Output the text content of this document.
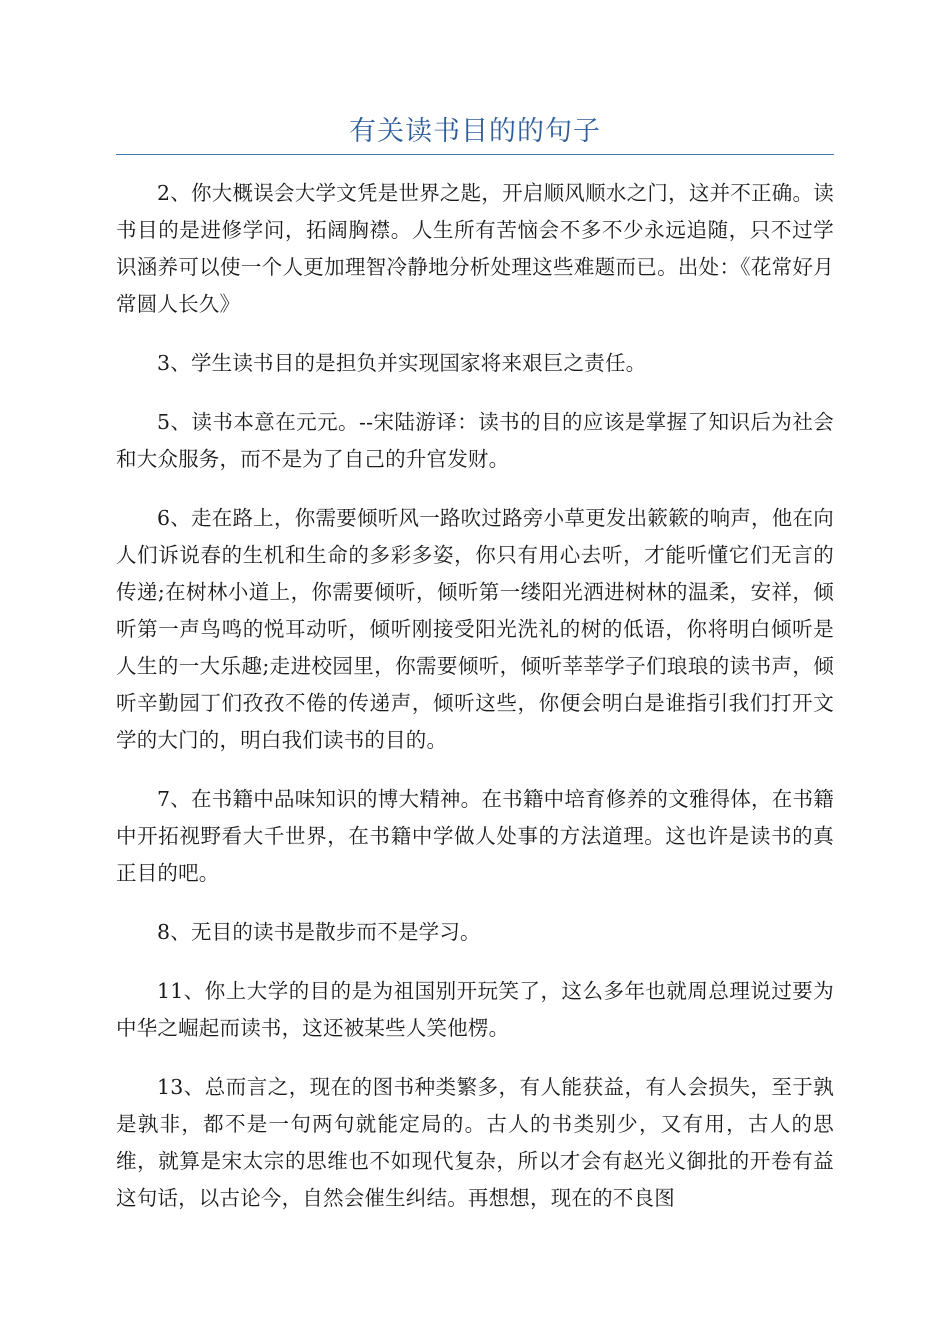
有关读书目的的句子

2、你大概误会大学文凭是世界之匙，开启顺风顺水之门，这并不正确。读书目的是进修学问，拓阔胸襟。人生所有苦恼会不多不少永远追随，只不过学识涵养可以使一个人更加理智冷静地分析处理这些难题而已。出处：《花常好月常圆人长久》

3、学生读书目的是担负并实现国家将来艰巨之责任。

5、读书本意在元元。--宋陆游译：读书的目的应该是掌握了知识后为社会和大众服务，而不是为了自己的升官发财。

6、走在路上，你需要倾听风一路吹过路旁小草更发出簌簌的响声，他在向人们诉说春的生机和生命的多彩多姿，你只有用心去听，才能听懂它们无言的传递;在树林小道上，你需要倾听，倾听第一缕阳光洒进树林的温柔，安祥，倾听第一声鸟鸣的悦耳动听，倾听刚接受阳光洗礼的树的低语，你将明白倾听是人生的一大乐趣;走进校园里，你需要倾听，倾听莘莘学子们琅琅的读书声，倾听辛勤园丁们孜孜不倦的传递声，倾听这些，你便会明白是谁指引我们打开文学的大门的，明白我们读书的目的。

7、在书籍中品味知识的博大精神。在书籍中培育修养的文雅得体，在书籍中开拓视野看大千世界，在书籍中学做人处事的方法道理。这也许是读书的真正目的吧。

8、无目的读书是散步而不是学习。

11、你上大学的目的是为祖国别开玩笑了，这么多年也就周总理说过要为中华之崛起而读书，这还被某些人笑他楞。

13、总而言之，现在的图书种类繁多，有人能获益，有人会损失，至于孰是孰非，都不是一句两句就能定局的。古人的书类别少，又有用，古人的思维，就算是宋太宗的思维也不如现代复杂，所以才会有赵光义御批的开卷有益这句话，以古论今，自然会催生纠结。再想想，现在的不良图
